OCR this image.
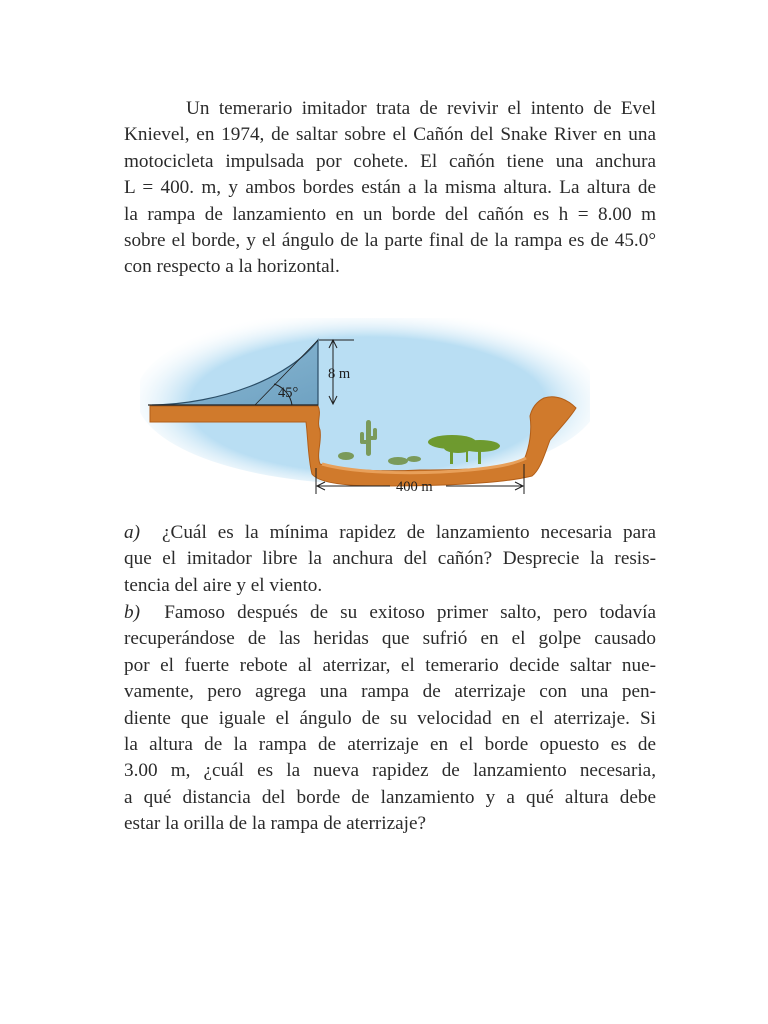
Un temerario imitador trata de revivir el intento de Evel
Knievel, en 1974, de saltar sobre el Cañón del Snake River en una
motocicleta impulsada por cohete. El cañón tiene una anchura
L = 400. m, y ambos bordes están a la misma altura. La altura de
la rampa de lanzamiento en un borde del cañón es h = 8.00 m
sobre el borde, y el ángulo de la parte final de la rampa es de 45.0°
con respecto a la horizontal.

45°
8 m
400 m

a) ¿Cuál es la mínima rapidez de lanzamiento necesaria para
que el imitador libre la anchura del cañón? Desprecie la resis-
tencia del aire y el viento.

b) Famoso después de su exitoso primer salto, pero todavía
recuperándose de las heridas que sufrió en el golpe causado
por el fuerte rebote al aterrizar, el temerario decide saltar nue-
vamente, pero agrega una rampa de aterrizaje con una pen-
diente que iguale el ángulo de su velocidad en el aterrizaje. Si
la altura de la rampa de aterrizaje en el borde opuesto es de
3.00 m, ¿cuál es la nueva rapidez de lanzamiento necesaria,
a qué distancia del borde de lanzamiento y a qué altura debe
estar la orilla de la rampa de aterrizaje?
